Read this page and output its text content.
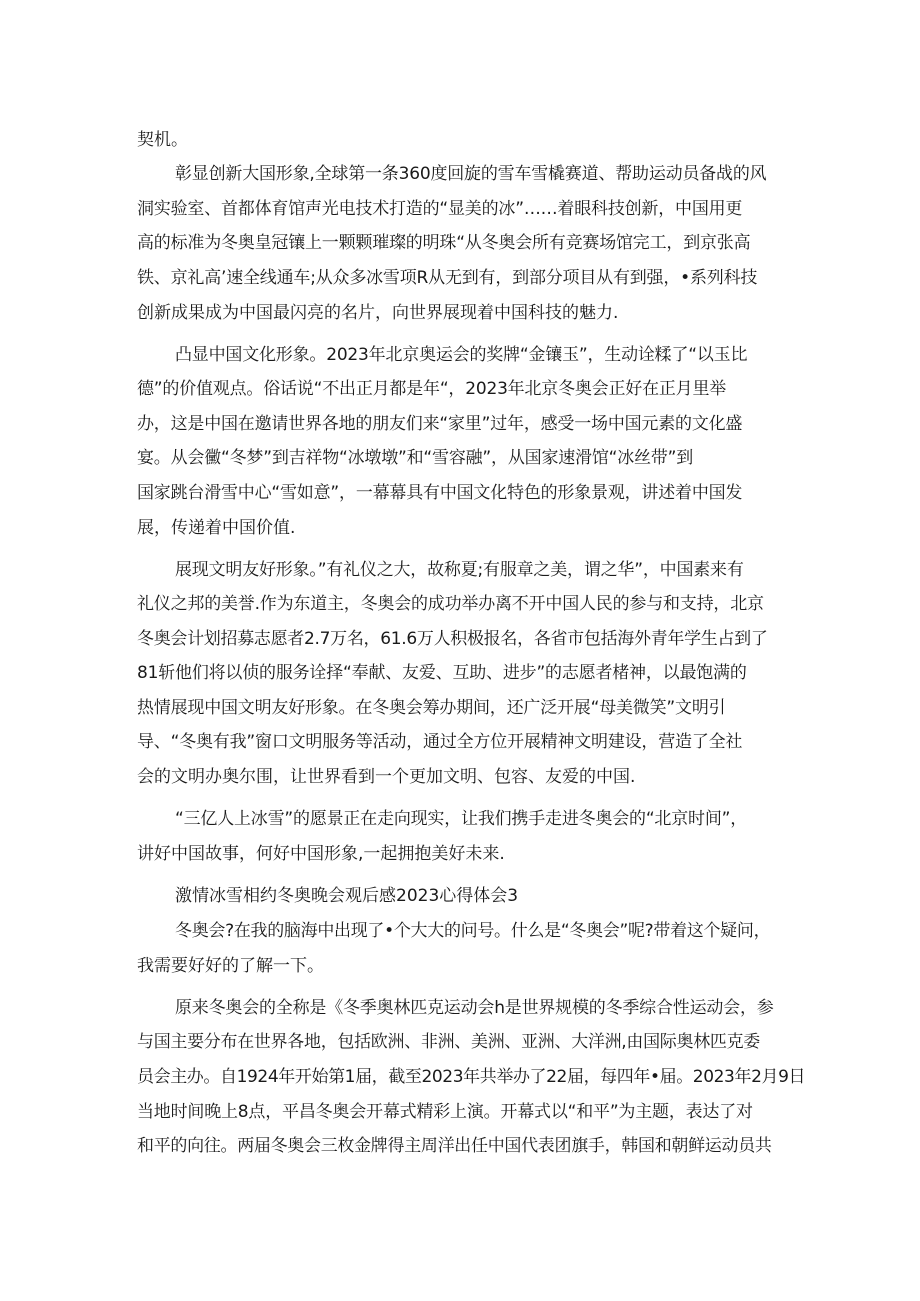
契机。
彰显创新大国形象,全球第一条360度回旋的雪车雪橇赛道、帮助运动员备战的风
洞实验室、首都体育馆声光电技术打造的“显美的冰”……着眼科技创新，中国用更
高的标准为冬奥皇冠镶上一颗颗璀璨的明珠“从冬奥会所有竞赛场馆完工，到京张高
铁、京礼高’速全线通车;从众多冰雪项R从无到有，到部分项目从有到强，•系列科技
创新成果成为中国最闪亮的名片，向世界展现着中国科技的魅力.
凸显中国文化形象。2023年北京奥运会的奖牌“金镶玉”，生动诠糅了“以玉比
德”的价值观点。俗话说“不出正月都是年“，2023年北京冬奥会正好在正月里举
办，这是中国在邀请世界各地的朋友们来“家里”过年，感受一场中国元素的文化盛
宴。从会黴“冬梦”到吉祥物“冰墩墩”和“雪容融”，从国家速滑馆“冰丝带”到
国家跳台滑雪中心“雪如意”，一幕幕具有中国文化特色的形象景观，讲述着中国发
展，传递着中国价值.
展现文明友好形象。”有礼仪之大，故称夏;有服章之美，谓之华”，中国素来有
礼仪之邦的美誉.作为东道主，冬奥会的成功举办离不开中国人民的参与和支持，北京
冬奥会计划招募志愿者2.7万名，61.6万人积极报名，各省市包括海外青年学生占到了
81斩他们将以侦的服务诠择“奉献、友爱、互助、进步”的志愿者楮神，以最饱满的
热情展现中国文明友好形象。在冬奥会筹办期间，还广泛开展“母美微笑”文明引
导、“冬奥有我”窗口文明服务等活动，通过全方位开展精神文明建设，营造了全社
会的文明办奥尔围，让世界看到一个更加文明、包容、友爱的中国.
“三亿人上冰雪”的愿景正在走向现实，让我们携手走进冬奥会的“北京时间”，
讲好中国故事，何好中国形象,一起拥抱美好未来.
激情冰雪相约冬奥晚会观后感2023心得体会3
冬奥会?在我的脑海中出现了•个大大的问号。什么是“冬奥会”呢?带着这个疑问，
我需要好好的了解一下。
原来冬奥会的全称是《冬季奥林匹克运动会h是世界规模的冬季综合性运动会，参
与国主要分布在世界各地，包括欧洲、非洲、美洲、亚洲、大洋洲,由国际奥林匹克委
员会主办。自1924年开始第1届，截至2023年共举办了22届，每四年•届。2023年2月9日
当地时间晚上8点，平昌冬奥会开幕式精彩上演。开幕式以“和平”为主题，表达了对
和平的向往。两届冬奥会三枚金牌得主周洋出任中国代表团旗手，韩国和朝鲜运动员共
